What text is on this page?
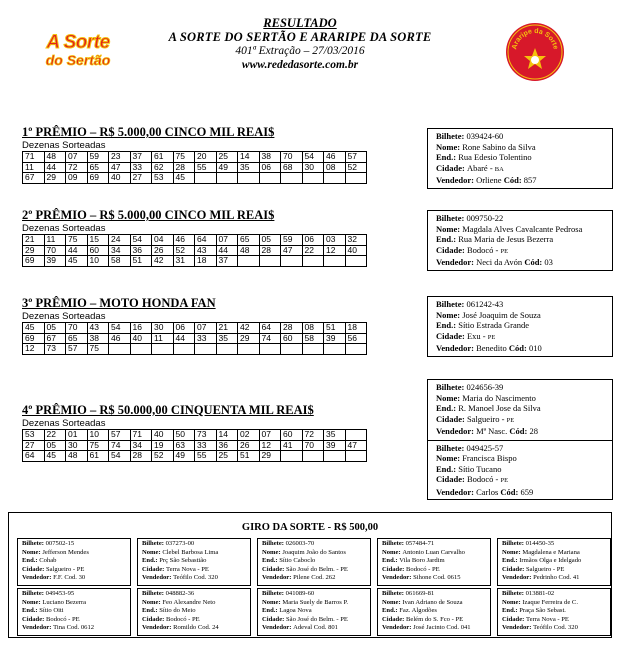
A Sorte
do Sertão
Araripe da Sorte
RESULTADO
A SORTE DO SERTÃO E ARARIPE DA SORTE
401ª Extração – 27/03/2016
www.rededasorte.com.br
1º PRÊMIO – R$ 5.000,00 CINCO MIL REAI$
Dezenas Sorteadas
71	48	07	59	23	37	61	75	20	25	14	38	70	54	46	57
11	44	72	65	47	33	62	28	55	49	35	06	68	30	08	52
67	29	09	69	40	27	53	45								
2º PRÊMIO – R$ 5.000,00 CINCO MIL REAI$
Dezenas Sorteadas
21	11	75	15	24	54	04	46	64	07	65	05	59	06	03	32
29	70	44	60	34	36	26	52	43	44	48	28	47	22	12	40
69	39	45	10	58	51	42	31	18	37						
3º PRÊMIO – MOTO HONDA FAN
Dezenas Sorteadas
45	05	70	43	54	16	30	06	07	21	42	64	28	08	51	18
69	67	65	38	46	40	11	44	33	35	29	74	60	58	39	56
12	73	57	75												
4º PRÊMIO – R$ 50.000,00 CINQUENTA MIL REAI$
Dezenas Sorteadas
53	22	01	10	57	71	40	50	73	14	02	07	60	72	35	
27	05	30	75	74	34	19	63	33	36	26	12	41	70	39	47
64	45	48	61	54	28	52	49	55	25	51	29				
Bilhete: 039424-60
Nome: Rone Sabino da Silva
End.: Rua Edesio Tolentino
Cidade: Abaré - BA
Vendedor: Orliene Cód: 857
Bilhete: 009750-22
Nome: Magdala Alves Cavalcante Pedrosa
End.: Rua Maria de Jesus Bezerra
Cidade: Bodocó - PE
Vendedor: Neci da Avón Cód: 03
Bilhete: 061242-43
Nome: José Joaquim de Souza
End.: Sítio Estrada Grande
Cidade: Exu - PE
Vendedor: Benedito Cód: 010
Bilhete: 024656-39
Nome: Maria do Nascimento
End.: R. Manoel Jose da Silva
Cidade: Salgueiro - PE
Vendedor: Mª Nasc. Cód: 28
Bilhete: 049425-57
Nome: Francisca Bispo
End.: Sítio Tucano
Cidade: Bodocó - PE
Vendedor: Carlos Cód: 659
GIRO DA SORTE - R$ 500,00
Bilhete: 007502-15
Nome: Jefferson Mendes
End.: Cohab
Cidade: Salgueiro - PE
Vendedor: F.F. Cod. 30
Bilhete: 037273-00
Nome: Clebel Barbosa Lima
End.: Prç São Sebastião
Cidade: Terra Nova - PE
Vendedor: Teófilo Cod. 320
Bilhete: 026003-70
Nome: Joaquim João do Santos
End.: Sítio Caboclo
Cidade: São José do Belm. - PE
Vendedor: Pilene Cod. 262
Bilhete: 057484-71
Nome: Antonio Luan Carvalho
End.: Vila Boro Jardim
Cidade: Bodocó - PE
Vendedor: Sihone Cod. 0615
Bilhete: 014450-35
Nome: Magdalena e Mariana
End.: Irmãos Olga e Idelgado
Cidade: Salgueiro - PE
Vendedor: Pedrinho Cod. 41
Bilhete: 049453-95
Nome: Luciano Bezerra
End.: Sítio Oiti
Cidade: Bodocó - PE
Vendedor: Tina Cod. 0612
Bilhete: 048882-36
Nome: Feo Alexandre Neto
End.: Sítio do Meio
Cidade: Bodocó - PE
Vendedor: Romildo Cod. 24
Bilhete: 041089-60
Nome: Maria Suely de Barros P.
End.: Lagoa Nova
Cidade: São José do Belm. - PE
Vendedor: Adeval Cod. 801
Bilhete: 061669-81
Nome: Ivan Adriano de Souza
End.: Faz. Algodões
Cidade: Belém do S. Fco - PE
Vendedor: José Jacinto Cod. 041
Bilhete: 013881-02
Nome: Izaque Ferreira de C.
End.: Praça São Sebast.
Cidade: Terra Nova - PE
Vendedor: Teófilo Cod. 320
